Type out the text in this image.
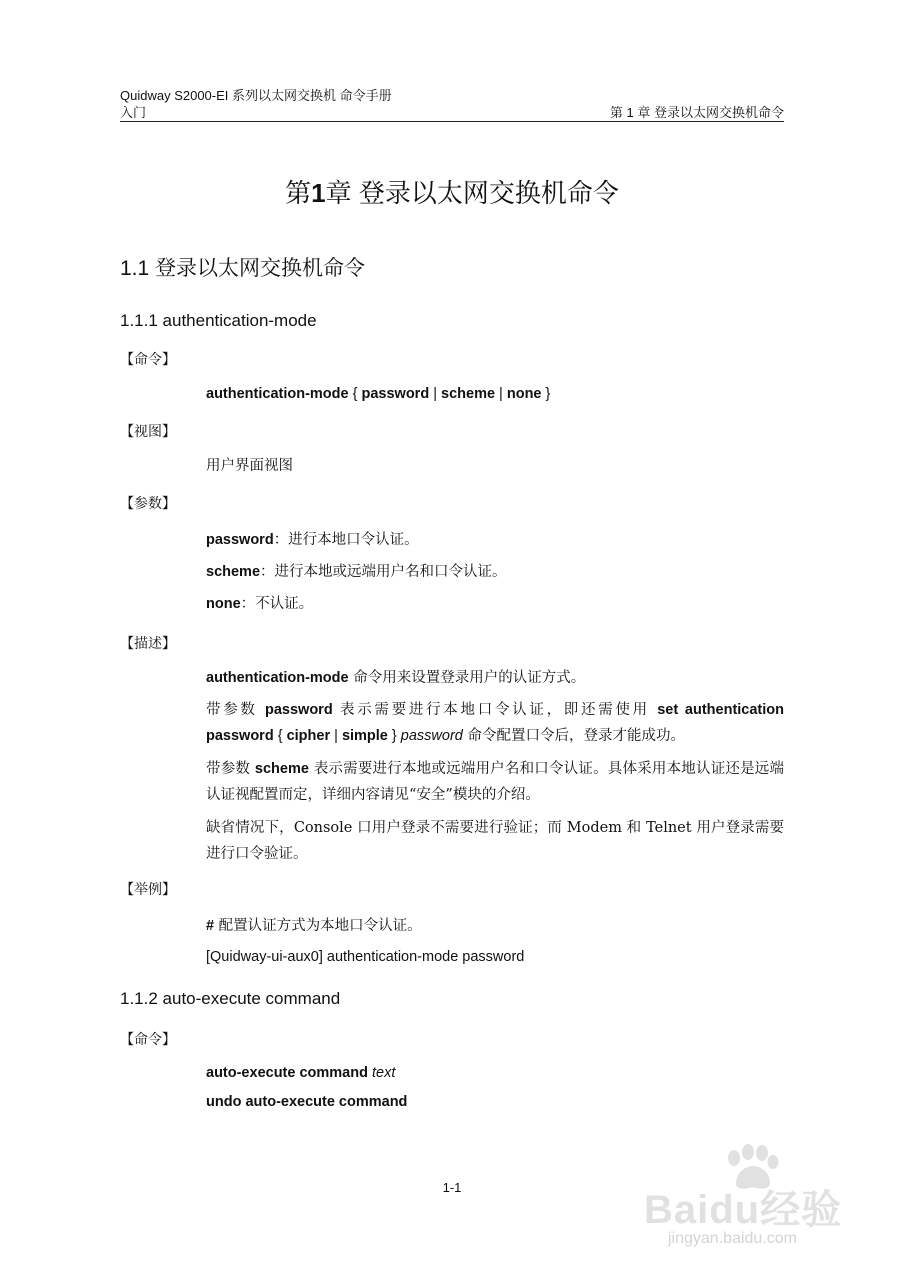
Quidway S2000-EI 系列以太网交换机 命令手册
入门	第 1 章 登录以太网交换机命令
第1章 登录以太网交换机命令
1.1 登录以太网交换机命令
1.1.1 authentication-mode
【命令】
authentication-mode { password | scheme | none }
【视图】
用户界面视图
【参数】
password：进行本地口令认证。
scheme：进行本地或远端用户名和口令认证。
none：不认证。
【描述】
authentication-mode 命令用来设置登录用户的认证方式。
带参数 password 表示需要进行本地口令认证，即还需使用 set authentication password { cipher | simple } password 命令配置口令后，登录才能成功。
带参数 scheme 表示需要进行本地或远端用户名和口令认证。具体采用本地认证还是远端认证视配置而定，详细内容请见“安全”模块的介绍。
缺省情况下，Console 口用户登录不需要进行验证；而 Modem 和 Telnet 用户登录需要进行口令验证。
【举例】
# 配置认证方式为本地口令认证。
[Quidway-ui-aux0] authentication-mode password
1.1.2 auto-execute command
【命令】
auto-execute command text
undo auto-execute command
1-1
Baidu经验
jingyan.baidu.com
